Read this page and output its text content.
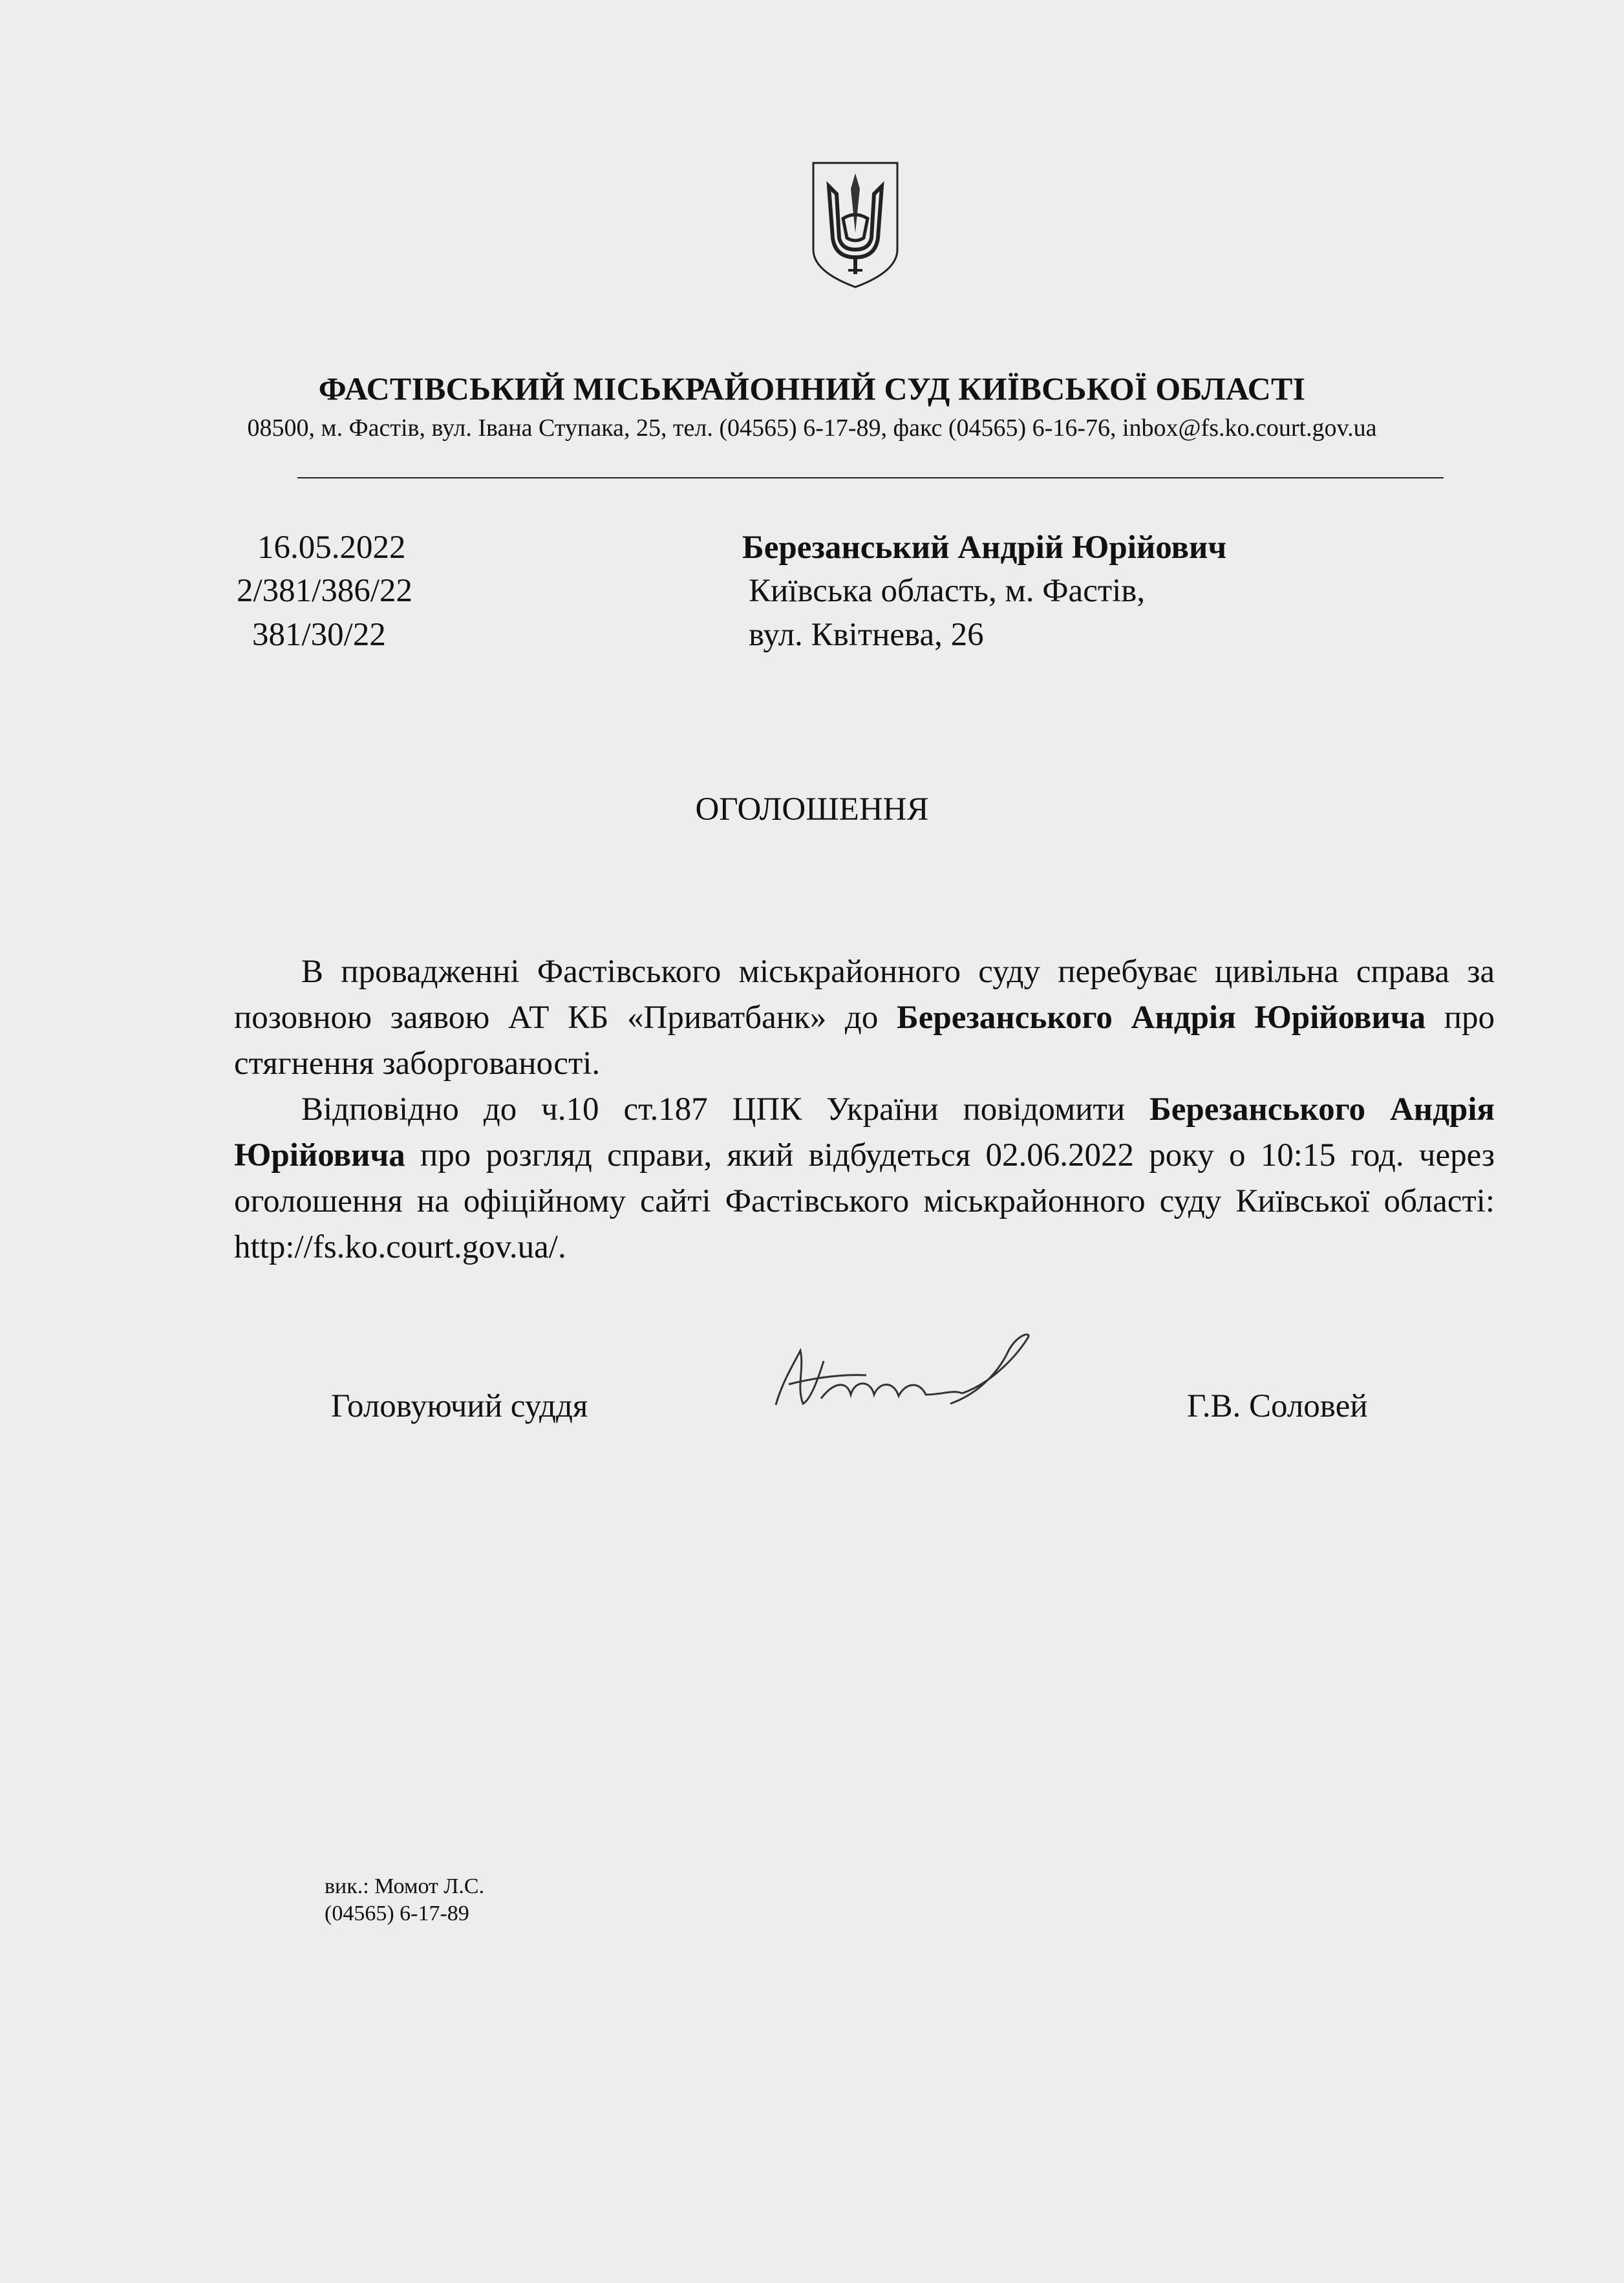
ФАСТІВСЬКИЙ МІСЬКРАЙОННИЙ СУД КИЇВСЬКОЇ ОБЛАСТІ
08500, м. Фастів, вул. Івана Ступака, 25, тел. (04565) 6-17-89, факс (04565) 6-16-76, inbox@fs.ko.court.gov.ua
16.05.2022
2/381/386/22
381/30/22
Березанський Андрій Юрійович
Київська область, м. Фастів,
вул. Квітнева, 26
ОГОЛОШЕННЯ

В провадженні Фастівського міськрайонного суду перебуває цивільна справа за позовною заявою АТ КБ «Приватбанк» до Березанського Андрія Юрійовича про стягнення заборгованості.

Відповідно до ч.10 ст.187 ЦПК України повідомити Березанського Андрія Юрійовича про розгляд справи, який відбудеться 02.06.2022 року о 10:15 год. через оголошення на офіційному сайті Фастівського міськрайонного суду Київської області: http://fs.ko.court.gov.ua/.

Головуючий суддя	Г.В. Соловей
вик.: Момот Л.С.
(04565) 6-17-89
